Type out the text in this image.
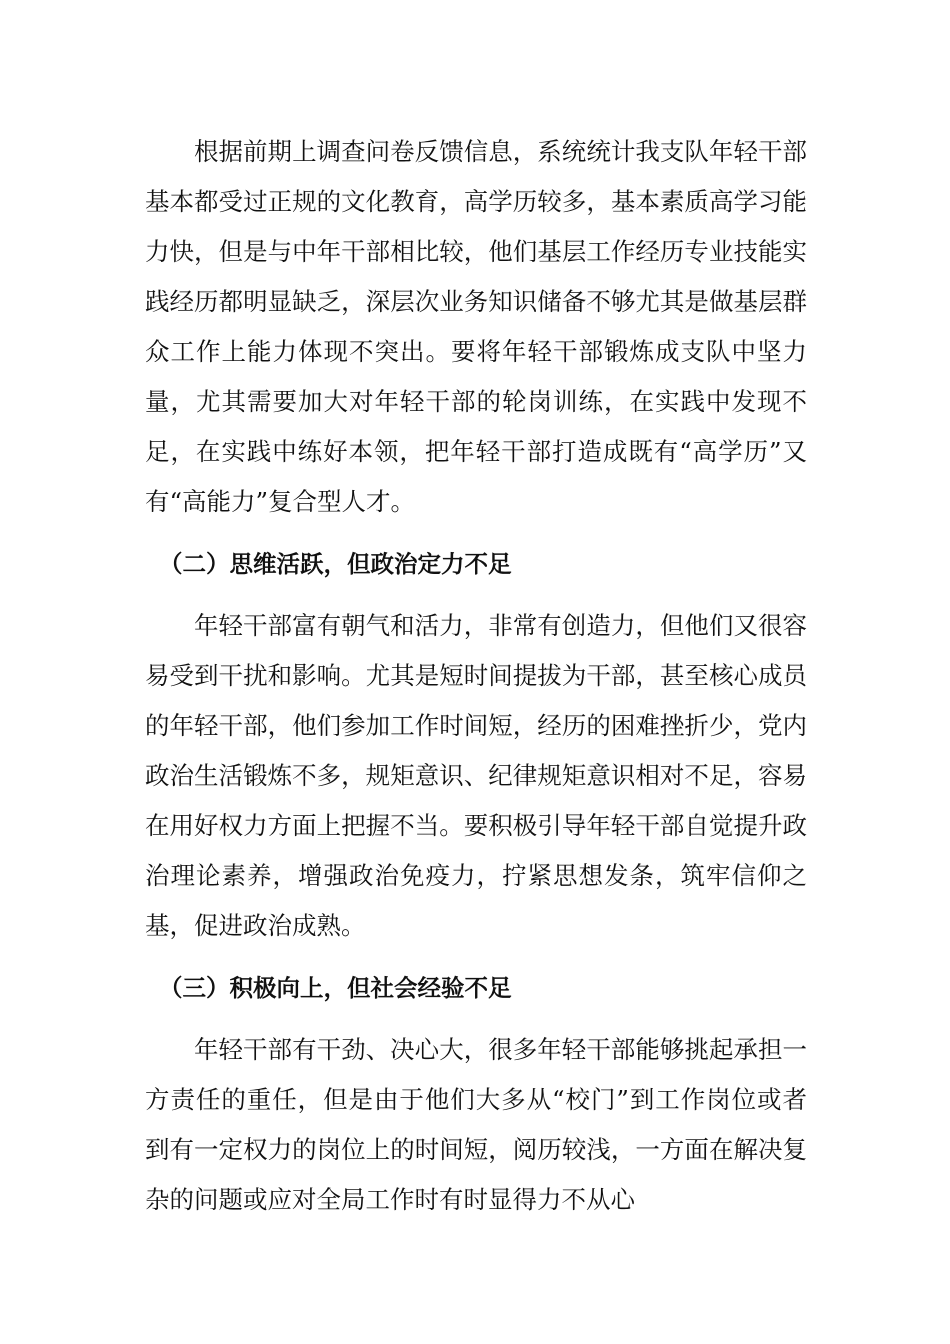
根据前期上调查问卷反馈信息，系统统计我支队年轻干部基本都受过正规的文化教育，高学历较多，基本素质高学习能力快，但是与中年干部相比较，他们基层工作经历专业技能实践经历都明显缺乏，深层次业务知识储备不够尤其是做基层群众工作上能力体现不突出。要将年轻干部锻炼成支队中坚力量，尤其需要加大对年轻干部的轮岗训练，在实践中发现不足，在实践中练好本领，把年轻干部打造成既有“高学历”又有“高能力”复合型人才。

（二）思维活跃，但政治定力不足

年轻干部富有朝气和活力，非常有创造力，但他们又很容易受到干扰和影响。尤其是短时间提拔为干部，甚至核心成员的年轻干部，他们参加工作时间短，经历的困难挫折少，党内政治生活锻炼不多，规矩意识、纪律规矩意识相对不足，容易在用好权力方面上把握不当。要积极引导年轻干部自觉提升政治理论素养，增强政治免疫力，拧紧思想发条，筑牢信仰之基，促进政治成熟。

（三）积极向上，但社会经验不足

年轻干部有干劲、决心大，很多年轻干部能够挑起承担一方责任的重任，但是由于他们大多从“校门”到工作岗位或者到有一定权力的岗位上的时间短，阅历较浅，一方面在解决复杂的问题或应对全局工作时有时显得力不从心
